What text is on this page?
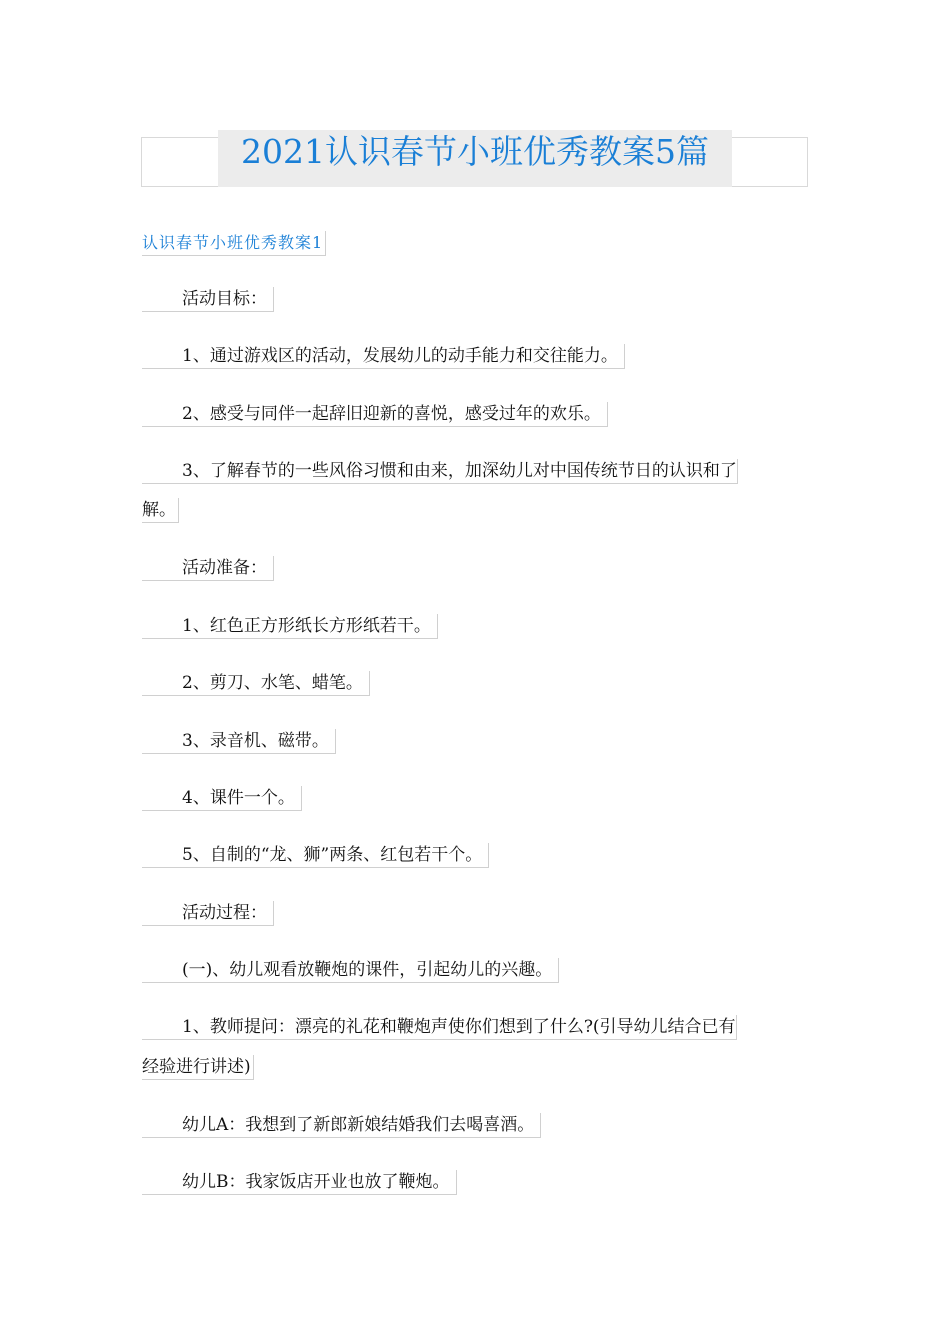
2021认识春节小班优秀教案5篇
认识春节小班优秀教案1
活动目标：
1、通过游戏区的活动，发展幼儿的动手能力和交往能力。
2、感受与同伴一起辞旧迎新的喜悦，感受过年的欢乐。
3、了解春节的一些风俗习惯和由来，加深幼儿对中国传统节日的认识和了
解。
活动准备：
1、红色正方形纸长方形纸若干。
2、剪刀、水笔、蜡笔。
3、录音机、磁带。
4、课件一个。
5、自制的“龙、狮”两条、红包若干个。
活动过程：
(一)、幼儿观看放鞭炮的课件，引起幼儿的兴趣。
1、教师提问：漂亮的礼花和鞭炮声使你们想到了什么?(引导幼儿结合已有
经验进行讲述)
幼儿A：我想到了新郎新娘结婚我们去喝喜酒。
幼儿B：我家饭店开业也放了鞭炮。
